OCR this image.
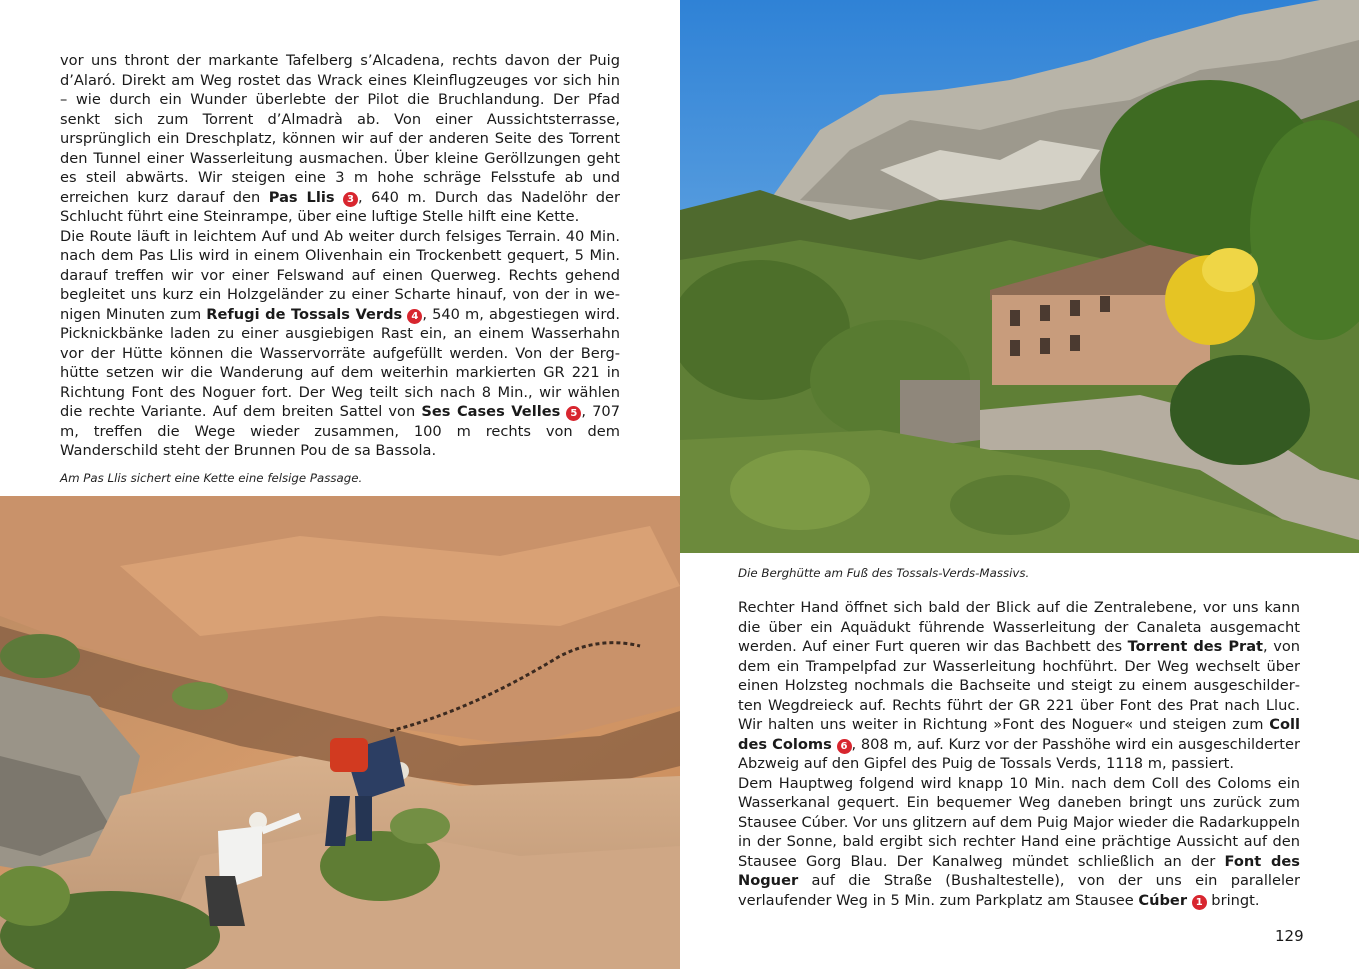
vor uns thront der markante Tafelberg s’Alcadena, rechts davon der Puig d’Alaró. Direkt am Weg rostet das Wrack eines Kleinflugzeuges vor sich hin – wie durch ein Wunder überlebte der Pilot die Bruchlandung. Der Pfad senkt sich zum Torrent d’Almadrà ab. Von einer Aussichtsterrasse, ursprünglich ein Dreschplatz, können wir auf der anderen Seite des Torrent den Tunnel einer Wasserleitung ausmachen. Über kleine Geröllzungen geht es steil abwärts. Wir steigen eine 3 m hohe schräge Felsstufe ab und erreichen kurz darauf den Pas Llis 3 , 640 m. Durch das Nadelöhr der Schlucht führt eine Steinrampe, über eine luftige Stelle hilft eine Kette.

Die Route läuft in leichtem Auf und Ab weiter durch felsiges Terrain. 40 Min. nach dem Pas Llis wird in einem Olivenhain ein Trockenbett gequert, 5 Min. darauf treffen wir vor einer Felswand auf einen Querweg. Rechts gehend begleitet uns kurz ein Holzgeländer zu einer Scharte hinauf, von der in wenigen Minuten zum Refugi de Tossals Verds 4 , 540 m, abgestiegen wird. Picknickbänke laden zu einer ausgiebigen Rast ein, an einem Wasserhahn vor der Hütte können die Wasservorräte aufgefüllt werden. Von der Berghütte setzen wir die Wanderung auf dem weiterhin markierten GR 221 in Richtung Font des Noguer fort. Der Weg teilt sich nach 8 Min., wir wählen die rechte Variante. Auf dem breiten Sattel von Ses Cases Velles 5 , 707 m, treffen die Wege wieder zusammen, 100 m rechts von dem Wanderschild steht der Brunnen Pou de sa Bassola.

Am Pas Llis sichert eine Kette eine felsige Passage.
Die Berghütte am Fuß des Tossals-Verds-Massivs.

Rechter Hand öffnet sich bald der Blick auf die Zentralebene, vor uns kann die über ein Aquädukt führende Wasserleitung der Canaleta ausgemacht werden. Auf einer Furt queren wir das Bachbett des Torrent des Prat, von dem ein Trampelpfad zur Wasserleitung hochführt. Der Weg wechselt über einen Holzsteg nochmals die Bachseite und steigt zu einem ausgeschilderten Wegdreieck auf. Rechts führt der GR 221 über Font des Prat nach Lluc. Wir halten uns weiter in Richtung »Font des Noguer« und steigen zum Coll des Coloms 6 , 808 m, auf. Kurz vor der Passhöhe wird ein ausgeschilderter Abzweig auf den Gipfel des Puig de Tossals Verds, 1118 m, passiert.

Dem Hauptweg folgend wird knapp 10 Min. nach dem Coll des Coloms ein Wasserkanal gequert. Ein bequemer Weg daneben bringt uns zurück zum Stausee Cúber. Vor uns glitzern auf dem Puig Major wieder die Radarkuppeln in der Sonne, bald ergibt sich rechter Hand eine prächtige Aussicht auf den Stausee Gorg Blau. Der Kanalweg mündet schließlich an der Font des Noguer auf die Straße (Bushaltestelle), von der uns ein paralleler verlaufender Weg in 5 Min. zum Parkplatz am Stausee Cúber 1 bringt.

129
